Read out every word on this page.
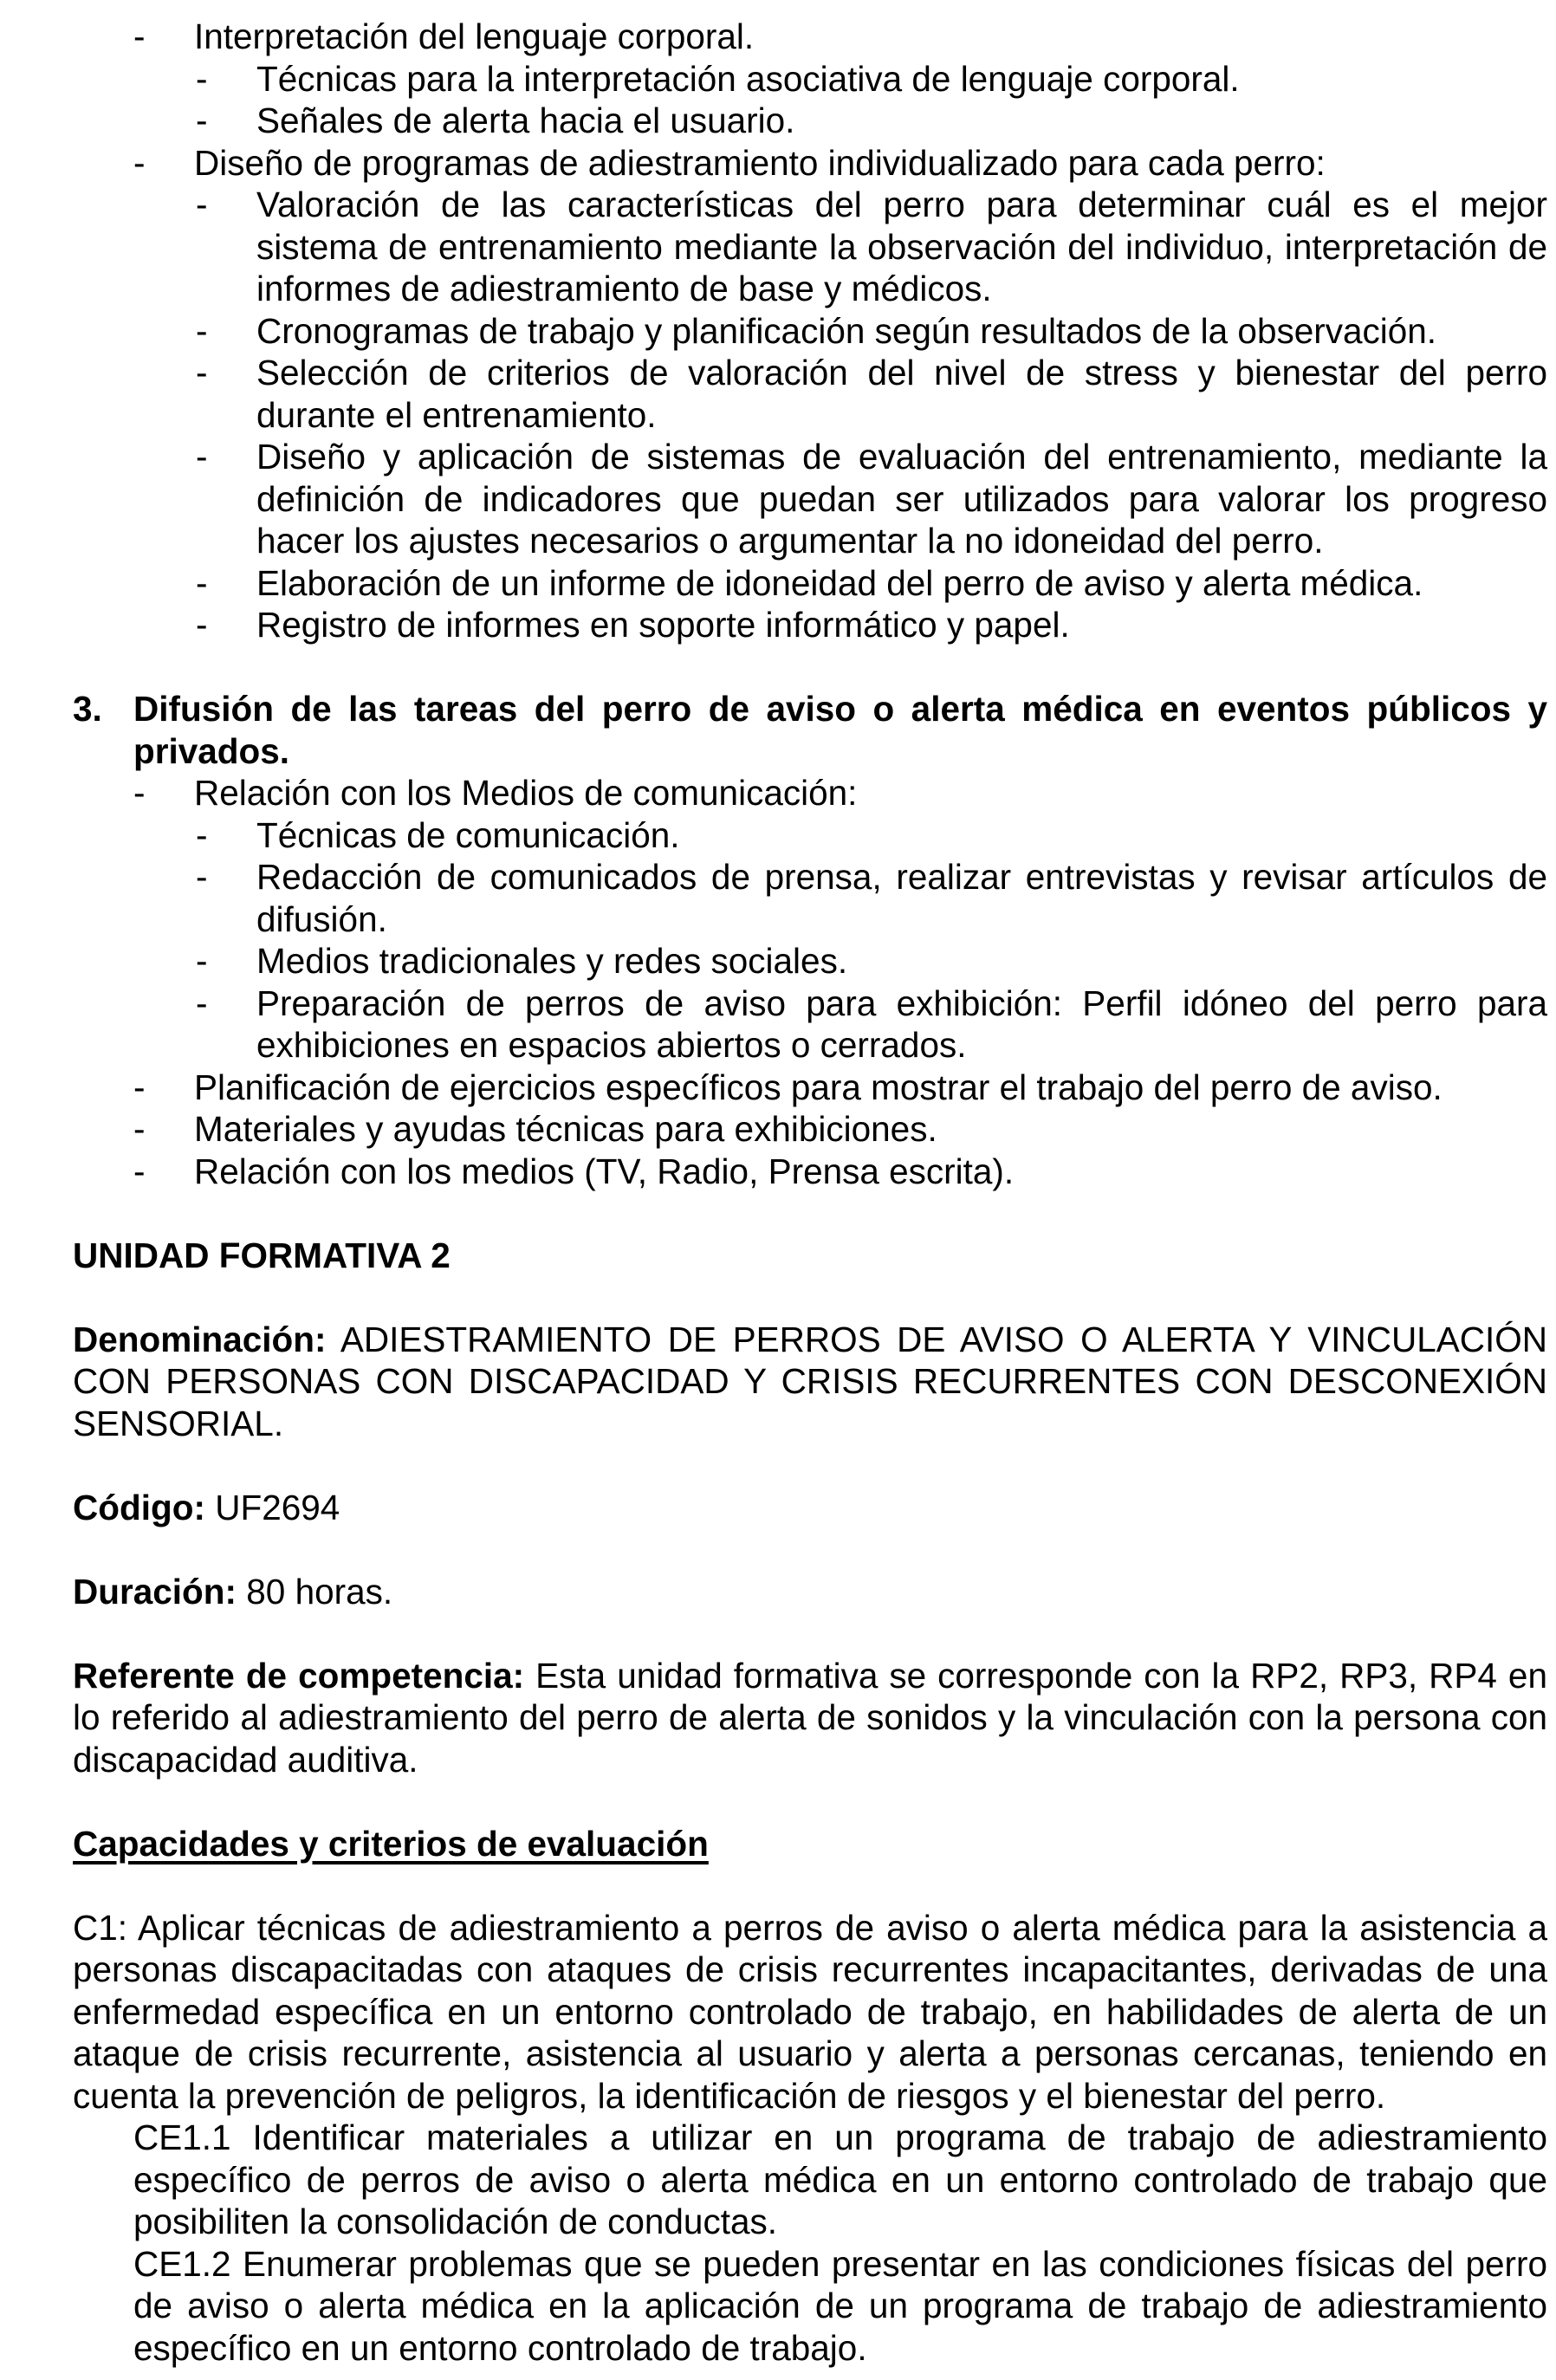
- Interpretación del lenguaje corporal.
- Técnicas para la interpretación asociativa de lenguaje corporal.
- Señales de alerta hacia el usuario.
- Diseño de programas de adiestramiento individualizado para cada perro:
- Valoración de las características del perro para determinar cuál es el mejor sistema de entrenamiento mediante la observación del individuo, interpretación de informes de adiestramiento de base y médicos.
- Cronogramas de trabajo y planificación según resultados de la observación.
- Selección de criterios de valoración del nivel de stress y bienestar del perro durante el entrenamiento.
- Diseño y aplicación de sistemas de evaluación del entrenamiento, mediante la definición de indicadores que puedan ser utilizados para valorar los progreso hacer los ajustes necesarios o argumentar la no idoneidad del perro.
- Elaboración de un informe de idoneidad del perro de aviso y alerta médica.
- Registro de informes en soporte informático y papel.
3. Difusión de las tareas del perro de aviso o alerta médica en eventos públicos y privados.
- Relación con los Medios de comunicación:
- Técnicas de comunicación.
- Redacción de comunicados de prensa, realizar entrevistas y revisar artículos de difusión.
- Medios tradicionales y redes sociales.
- Preparación de perros de aviso para exhibición: Perfil idóneo del perro para exhibiciones en espacios abiertos o cerrados.
- Planificación de ejercicios específicos para mostrar el trabajo del perro de aviso.
- Materiales y ayudas técnicas para exhibiciones.
- Relación con los medios (TV, Radio, Prensa escrita).
UNIDAD FORMATIVA 2
Denominación: ADIESTRAMIENTO DE PERROS DE AVISO O ALERTA Y VINCULACIÓN CON PERSONAS CON DISCAPACIDAD Y CRISIS RECURRENTES CON DESCONEXIÓN SENSORIAL.
Código: UF2694
Duración: 80 horas.
Referente de competencia: Esta unidad formativa se corresponde con la RP2, RP3, RP4 en lo referido al adiestramiento del perro de alerta de sonidos y la vinculación con la persona con discapacidad auditiva.
Capacidades y criterios de evaluación
C1: Aplicar técnicas de adiestramiento a perros de aviso o alerta médica para la asistencia a personas discapacitadas con ataques de crisis recurrentes incapacitantes, derivadas de una enfermedad específica en un entorno controlado de trabajo, en habilidades de alerta de un ataque de crisis recurrente, asistencia al usuario y alerta a personas cercanas, teniendo en cuenta la prevención de peligros, la identificación de riesgos y el bienestar del perro.
CE1.1 Identificar materiales a utilizar en un programa de trabajo de adiestramiento específico de perros de aviso o alerta médica en un entorno controlado de trabajo que posibiliten la consolidación de conductas.
CE1.2 Enumerar problemas que se pueden presentar en las condiciones físicas del perro de aviso o alerta médica en la aplicación de un programa de trabajo de adiestramiento específico en un entorno controlado de trabajo.
